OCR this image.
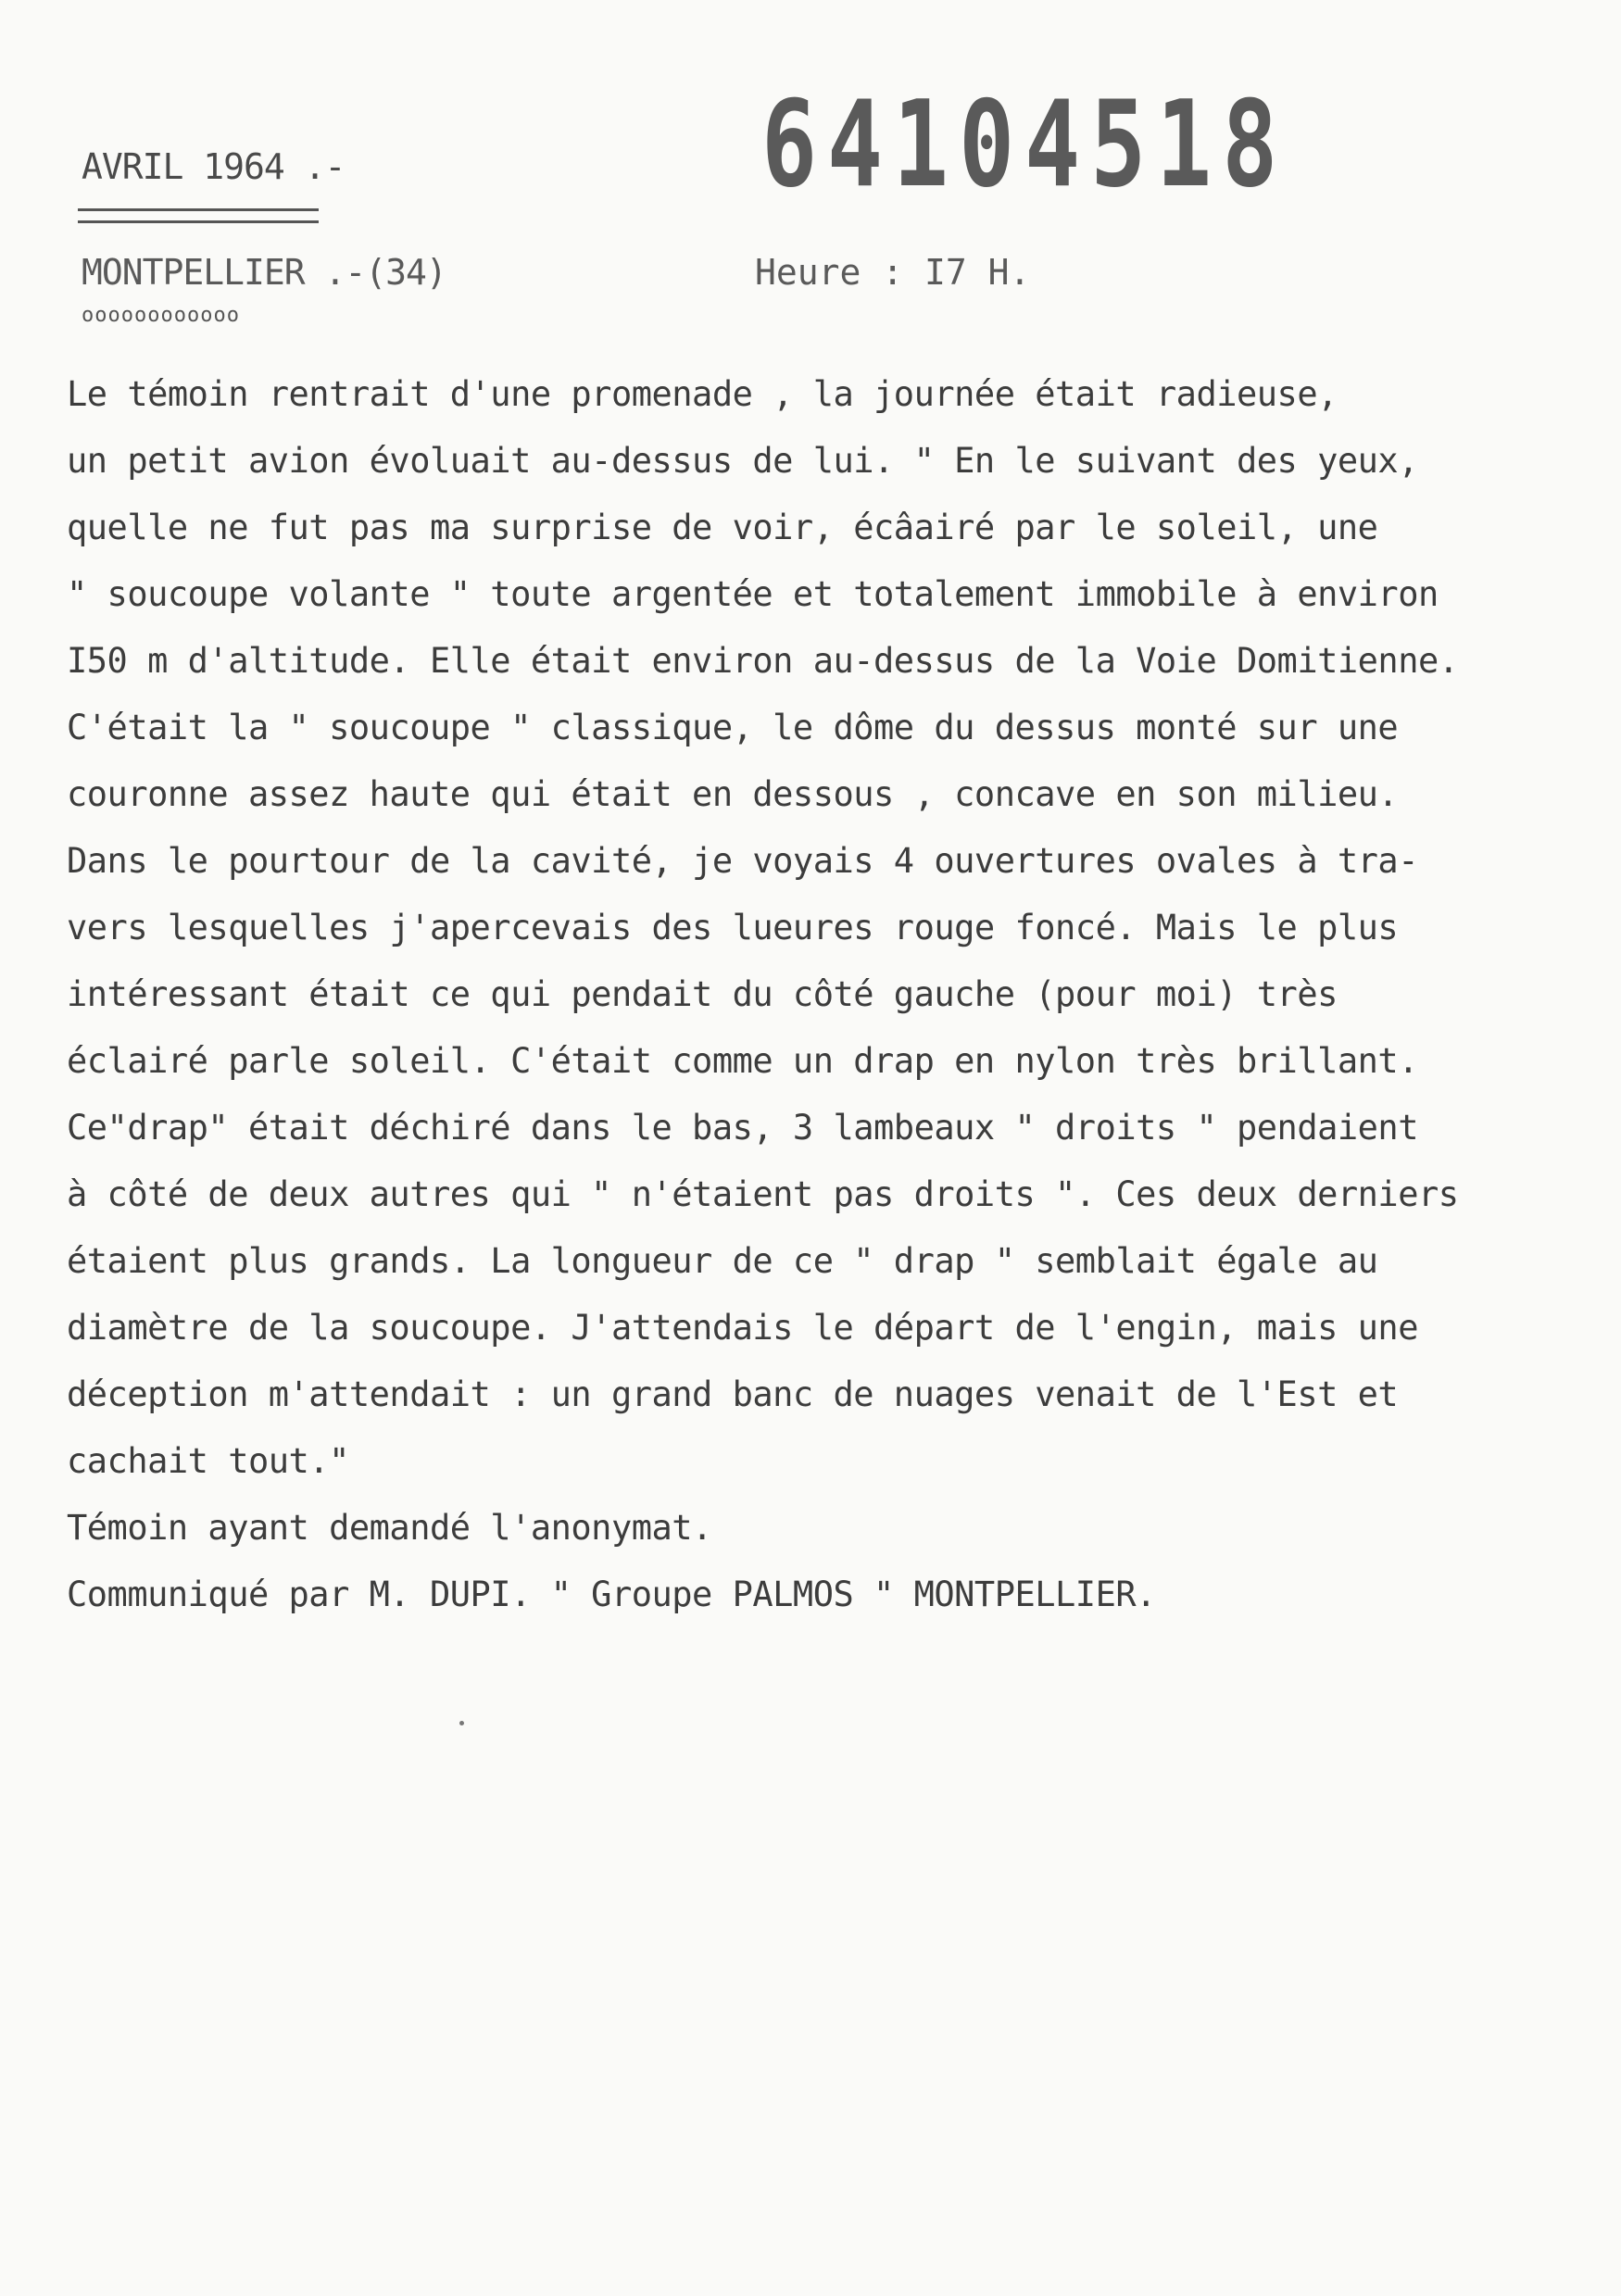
AVRIL 1964 .-	64104518
MONTPELLIER .-(34)
oooooooooooo
Heure : I7 H.
Le témoin rentrait d'une promenade , la journée était radieuse,
un petit avion évoluait au-dessus de lui. " En le suivant des yeux,
quelle ne fut pas ma surprise de voir, écâairé par le soleil, une
" soucoupe volante " toute argentée et totalement immobile à environ
I50 m d'altitude. Elle était environ au-dessus de la Voie Domitienne.
C'était la " soucoupe " classique, le dôme du dessus monté sur une
couronne assez haute qui était en dessous , concave en son milieu.
Dans le pourtour de la cavité, je voyais 4 ouvertures ovales à tra-
vers lesquelles j'apercevais des lueures rouge foncé. Mais le plus
intéressant était ce qui pendait du côté gauche (pour moi) très
éclairé parle soleil. C'était comme un drap en nylon très brillant.
Ce"drap" était déchiré dans le bas, 3 lambeaux " droits " pendaient
à côté de deux autres qui " n'étaient pas droits ". Ces deux derniers
étaient plus grands. La longueur de ce " drap " semblait égale au
diamètre de la soucoupe. J'attendais le départ de l'engin, mais une
déception m'attendait : un grand banc de nuages venait de l'Est et
cachait tout."
Témoin ayant demandé l'anonymat.
Communiqué par M. DUPI. " Groupe PALMOS " MONTPELLIER.
